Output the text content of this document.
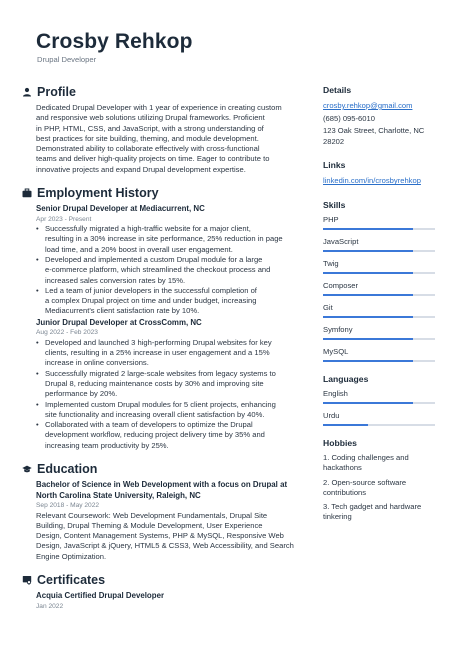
Crosby Rehkop
Drupal Developer
Profile
Dedicated Drupal Developer with 1 year of experience in creating custom
and responsive web solutions utilizing Drupal frameworks. Proficient
in PHP, HTML, CSS, and JavaScript, with a strong understanding of
best practices for site building, theming, and module development.
Demonstrated ability to collaborate effectively with cross-functional
teams and deliver high-quality projects on time. Eager to contribute to
innovative projects and expand Drupal development expertise.
Employment History
Senior Drupal Developer at Mediacurrent, NC
Apr 2023 - Present
• Successfully migrated a high-traffic website for a major client,
resulting in a 30% increase in site performance, 25% reduction in page
load time, and a 20% boost in overall user engagement.
• Developed and implemented a custom Drupal module for a large
e-commerce platform, which streamlined the checkout process and
increased sales conversion rates by 15%.
• Led a team of junior developers in the successful completion of
a complex Drupal project on time and under budget, increasing
Mediacurrent's client satisfaction rate by 10%.
Junior Drupal Developer at CrossComm, NC
Aug 2022 - Feb 2023
• Developed and launched 3 high-performing Drupal websites for key
clients, resulting in a 25% increase in user engagement and a 15%
increase in online conversions.
• Successfully migrated 2 large-scale websites from legacy systems to
Drupal 8, reducing maintenance costs by 30% and improving site
performance by 20%.
• Implemented custom Drupal modules for 5 client projects, enhancing
site functionality and increasing overall client satisfaction by 40%.
• Collaborated with a team of developers to optimize the Drupal
development workflow, reducing project delivery time by 35% and
increasing team productivity by 25%.
Education
Bachelor of Science in Web Development with a focus on Drupal at
North Carolina State University, Raleigh, NC
Sep 2018 - May 2022
Relevant Coursework: Web Development Fundamentals, Drupal Site
Building, Drupal Theming & Module Development, User Experience
Design, Content Management Systems, PHP & MySQL, Responsive Web
Design, JavaScript & jQuery, HTML5 & CSS3, Web Accessibility, and Search
Engine Optimization.
Certificates
Acquia Certified Drupal Developer
Jan 2022
Details
crosby.rehkop@gmail.com
(685) 095-6010
123 Oak Street, Charlotte, NC 28202
Links
linkedin.com/in/crosbyrehkop
Skills
PHP
JavaScript
Twig
Composer
Git
Symfony
MySQL
Languages
English
Urdu
Hobbies
1. Coding challenges and
hackathons
2. Open-source software
contributions
3. Tech gadget and hardware
tinkering
